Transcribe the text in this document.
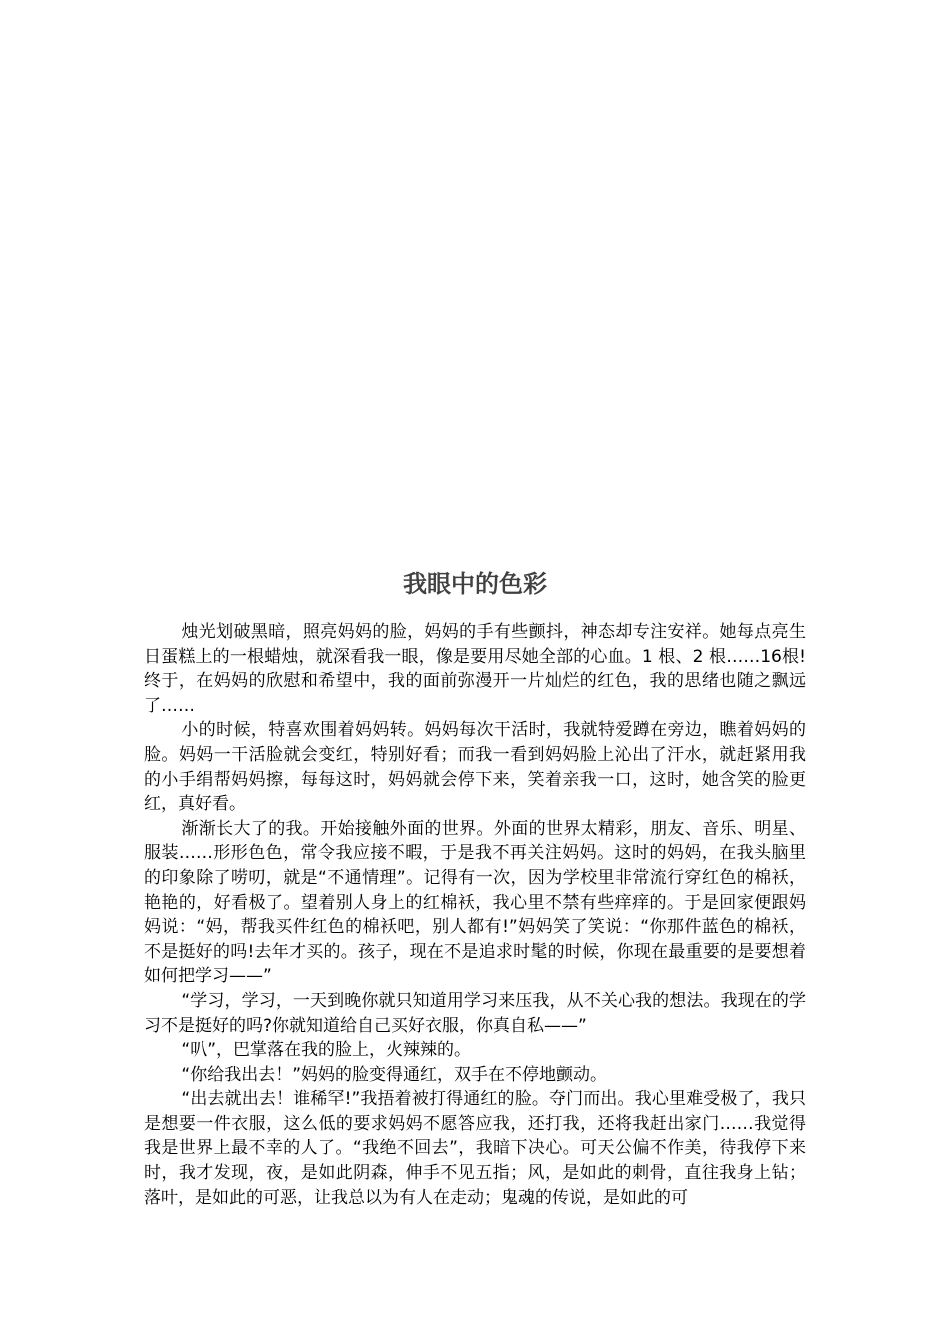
我眼中的色彩

烛光划破黑暗，照亮妈妈的脸，妈妈的手有些颤抖，神态却专注安祥。她每点亮生日蛋糕上的一根蜡烛，就深看我一眼，像是要用尽她全部的心血。1 根、2 根……16根!终于，在妈妈的欣慰和希望中，我的面前弥漫开一片灿烂的红色，我的思绪也随之飘远了……

小的时候，特喜欢围着妈妈转。妈妈每次干活时，我就特爱蹲在旁边，瞧着妈妈的脸。妈妈一干活脸就会变红，特别好看；而我一看到妈妈脸上沁出了汗水，就赶紧用我的小手绢帮妈妈擦，每每这时，妈妈就会停下来，笑着亲我一口，这时，她含笑的脸更红，真好看。

渐渐长大了的我。开始接触外面的世界。外面的世界太精彩，朋友、音乐、明星、服装……形形色色，常令我应接不暇，于是我不再关注妈妈。这时的妈妈，在我头脑里的印象除了唠叨，就是“不通情理”。记得有一次，因为学校里非常流行穿红色的棉袄，艳艳的，好看极了。望着别人身上的红棉袄，我心里不禁有些痒痒的。于是回家便跟妈妈说：“妈，帮我买件红色的棉袄吧，别人都有!”妈妈笑了笑说：“你那件蓝色的棉袄，不是挺好的吗!去年才买的。孩子，现在不是追求时髦的时候，你现在最重要的是要想着如何把学习——”

“学习，学习，一天到晚你就只知道用学习来压我，从不关心我的想法。我现在的学习不是挺好的吗?你就知道给自己买好衣服，你真自私——”

“叭”，巴掌落在我的脸上，火辣辣的。

“你给我出去！”妈妈的脸变得通红，双手在不停地颤动。

“出去就出去！谁稀罕!”我捂着被打得通红的脸。夺门而出。我心里难受极了，我只是想要一件衣服，这么低的要求妈妈不愿答应我，还打我，还将我赶出家门……我觉得我是世界上最不幸的人了。“我绝不回去”，我暗下决心。可天公偏不作美，待我停下来时，我才发现，夜，是如此阴森，伸手不见五指；风，是如此的刺骨，直往我身上钻；落叶，是如此的可恶，让我总以为有人在走动；鬼魂的传说，是如此的可
